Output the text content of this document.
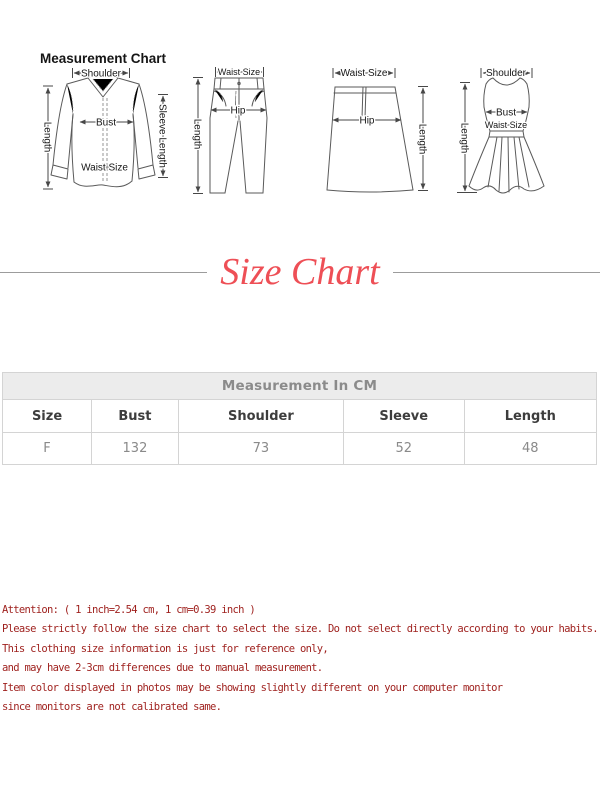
Measurement Chart
Shoulder
Bust
Waist Size
Length	Sleeve Length
Waist Size
Hip
Length
Waist Size
Hip
Length
Shoulder
Bust
Waist Size
Length
Size Chart
Measurement In CM				
Size	Bust	Shoulder	Sleeve	Length
F	132	73	52	48
Attention: ( 1 inch=2.54 cm, 1 cm=0.39 inch )
Please strictly follow the size chart to select the size. Do not select directly according to your habits.
This clothing size information is just for reference only,
and may have 2-3cm differences due to manual measurement.
Item color displayed in photos may be showing slightly different on your computer monitor
since monitors are not calibrated same.
